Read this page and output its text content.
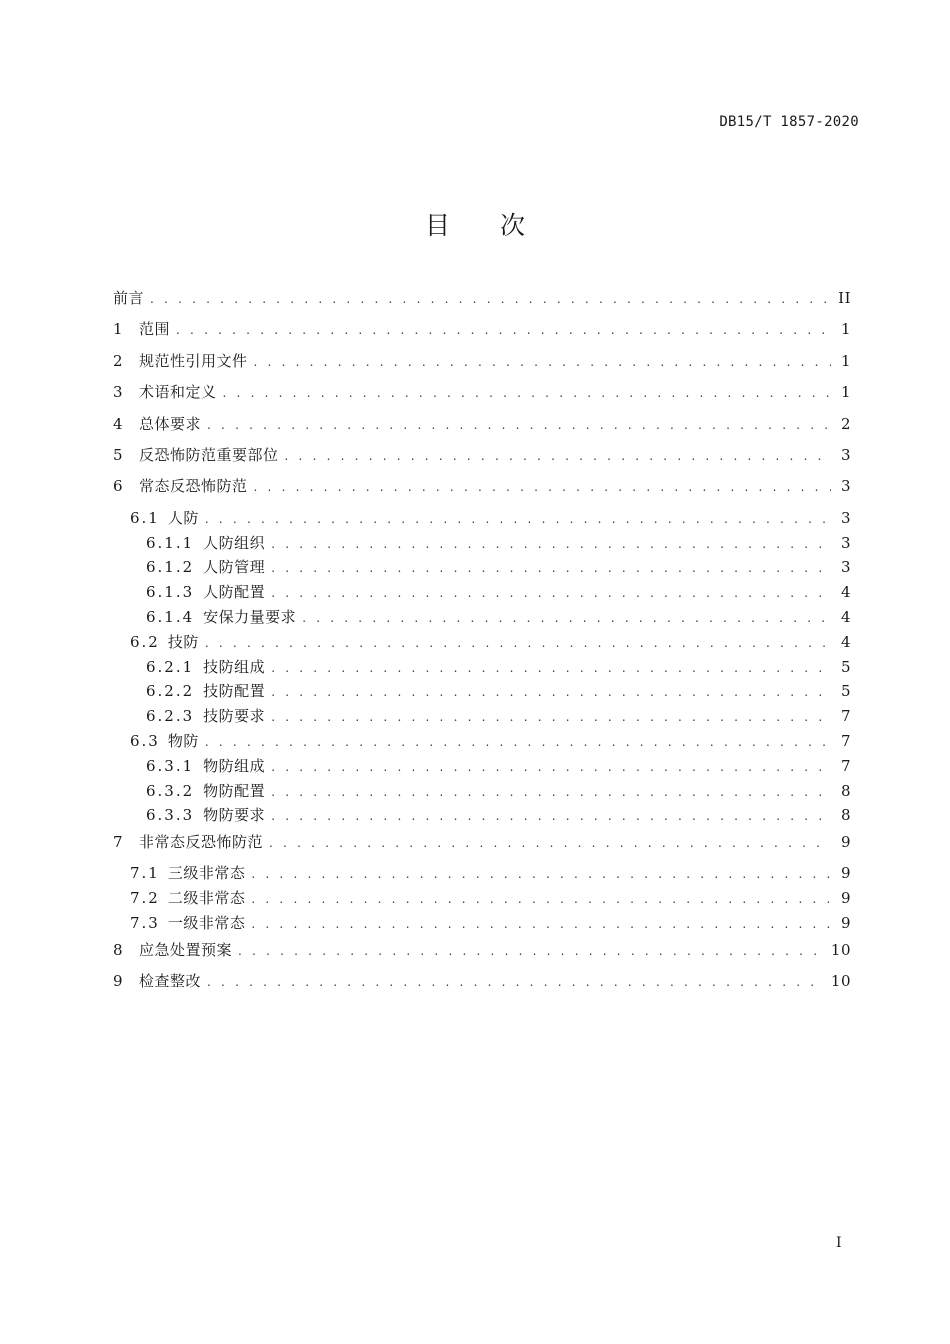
DB15/T 1857-2020
目 次
前言 . . .	II
1 范围 . . .	1
2 规范性引用文件 . . .	1
3 术语和定义 . . .	1
4 总体要求 . . .	2
5 反恐怖防范重要部位 . . .	3
6 常态反恐怖防范 . . .	3
6.1 人防 . . .	3
6.1.1 人防组织 . . .	3
6.1.2 人防管理 . . .	3
6.1.3 人防配置 . . .	4
6.1.4 安保力量要求 . . .	4
6.2 技防 . . .	4
6.2.1 技防组成 . . .	5
6.2.2 技防配置 . . .	5
6.2.3 技防要求 . . .	7
6.3 物防 . . .	7
6.3.1 物防组成 . . .	7
6.3.2 物防配置 . . .	8
6.3.3 物防要求 . . .	8
7 非常态反恐怖防范 . . .	9
7.1 三级非常态 . . .	9
7.2 二级非常态 . . .	9
7.3 一级非常态 . . .	9
8 应急处置预案 . . .	10
9 检查整改 . . .	10
I
